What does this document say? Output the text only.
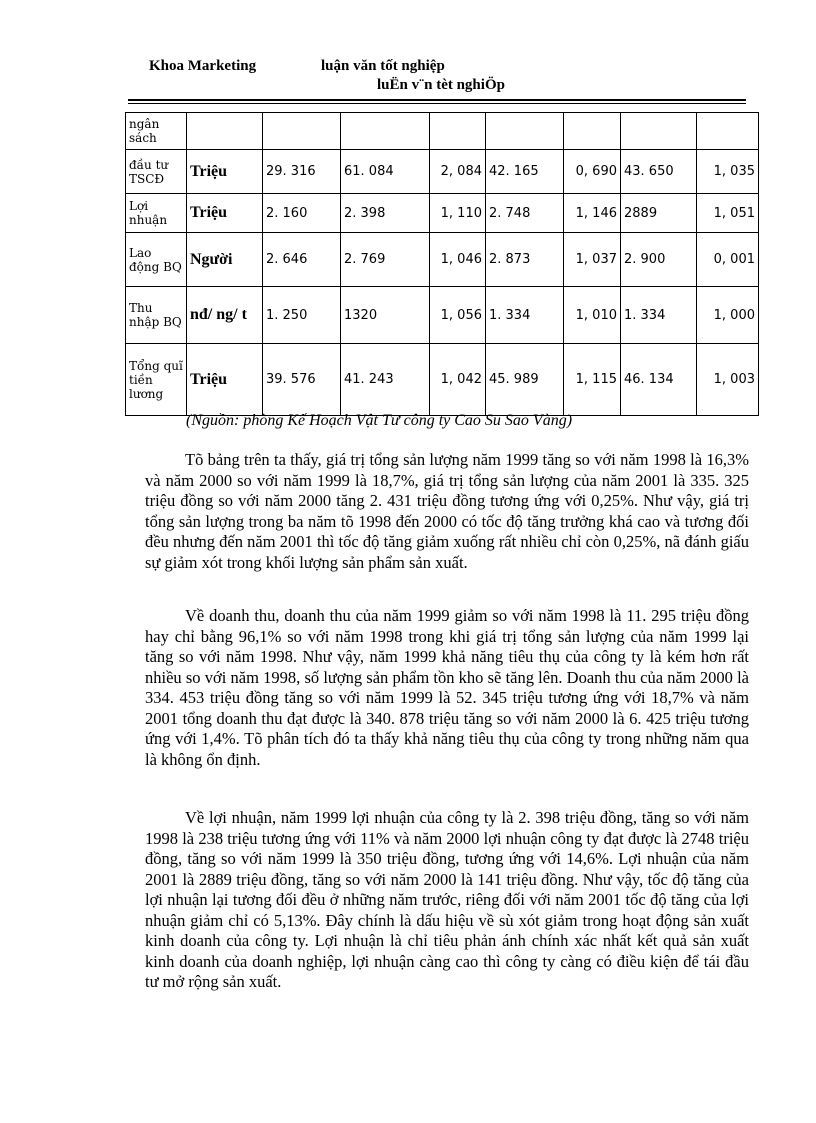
Khoa Marketing	luận văn tốt nghiệp
luËn v¨n tèt nghiÖp
ngân sách								
đầu tư TSCĐ	Triệu	29. 316	61. 084	2, 084	42. 165	0, 690	43. 650	1, 035
Lợi nhuận	Triệu	2. 160	2. 398	1, 110	2. 748	1, 146	2889	1, 051
Lao động BQ	Người	2. 646	2. 769	1, 046	2. 873	1, 037	2. 900	0, 001
Thu nhập BQ	nđ/ ng/ t	1. 250	1320	1, 056	1. 334	1, 010	1. 334	1, 000
Tổng quĩ tiền lương	Triệu	39. 576	41. 243	1, 042	45. 989	1, 115	46. 134	1, 003
(Nguồn: phòng Kế Hoạch Vật Tư công ty Cao Su Sao Vàng)

Tõ bảng trên ta thấy, giá trị tổng sản lượng năm 1999 tăng so với năm 1998 là 16,3% và năm 2000 so với năm 1999 là 18,7%, giá trị tổng sản lượng của năm 2001 là 335. 325 triệu đồng so với năm 2000 tăng 2. 431 triệu đồng tương ứng với 0,25%. Như vậy, giá trị tổng sản lượng trong ba năm tõ 1998 đến 2000 có tốc độ tăng trưởng khá cao và tương đối đều nhưng đến năm 2001 thì tốc độ tăng giảm xuống rất nhiều chỉ còn 0,25%, nã đánh giấu sự giảm xót trong khối lượng sản phẩm sản xuất.

Về doanh thu, doanh thu của năm 1999 giảm so với năm 1998 là 11. 295 triệu đồng hay chỉ bằng 96,1% so với năm 1998 trong khi giá trị tổng sản lượng của năm 1999 lại tăng so với năm 1998. Như vậy, năm 1999 khả năng tiêu thụ của công ty là kém hơn rất nhiều so với năm 1998, số lượng sản phẩm tồn kho sẽ tăng lên. Doanh thu của năm 2000 là 334. 453 triệu đồng tăng so với năm 1999 là 52. 345 triệu tương ứng với 18,7% và năm 2001 tổng doanh thu đạt được là 340. 878 triệu tăng so với năm 2000 là 6. 425 triệu tương ứng với 1,4%. Tõ phân tích đó ta thấy khả năng tiêu thụ của công ty trong những năm qua là không ổn định.

Về lợi nhuận, năm 1999 lợi nhuận của công ty là 2. 398 triệu đồng, tăng so với năm 1998 là 238 triệu tương ứng với 11% và năm 2000 lợi nhuận công ty đạt được là 2748 triệu đồng, tăng so với năm 1999 là 350 triệu đồng, tương ứng với 14,6%. Lợi nhuận của năm 2001 là 2889 triệu đồng, tăng so với năm 2000 là 141 triệu đồng. Như vậy, tốc độ tăng của lợi nhuận lại tương đối đều ở những năm trước, riêng đối với năm 2001 tốc độ tăng của lợi nhuận giảm chỉ có 5,13%. Đây chính là dấu hiệu về sù xót giảm trong hoạt động sản xuất kinh doanh của công ty. Lợi nhuận là chỉ tiêu phản ánh chính xác nhất kết quả sản xuất kinh doanh của doanh nghiệp, lợi nhuận càng cao thì công ty càng có điều kiện để tái đầu tư mở rộng sản xuất.
